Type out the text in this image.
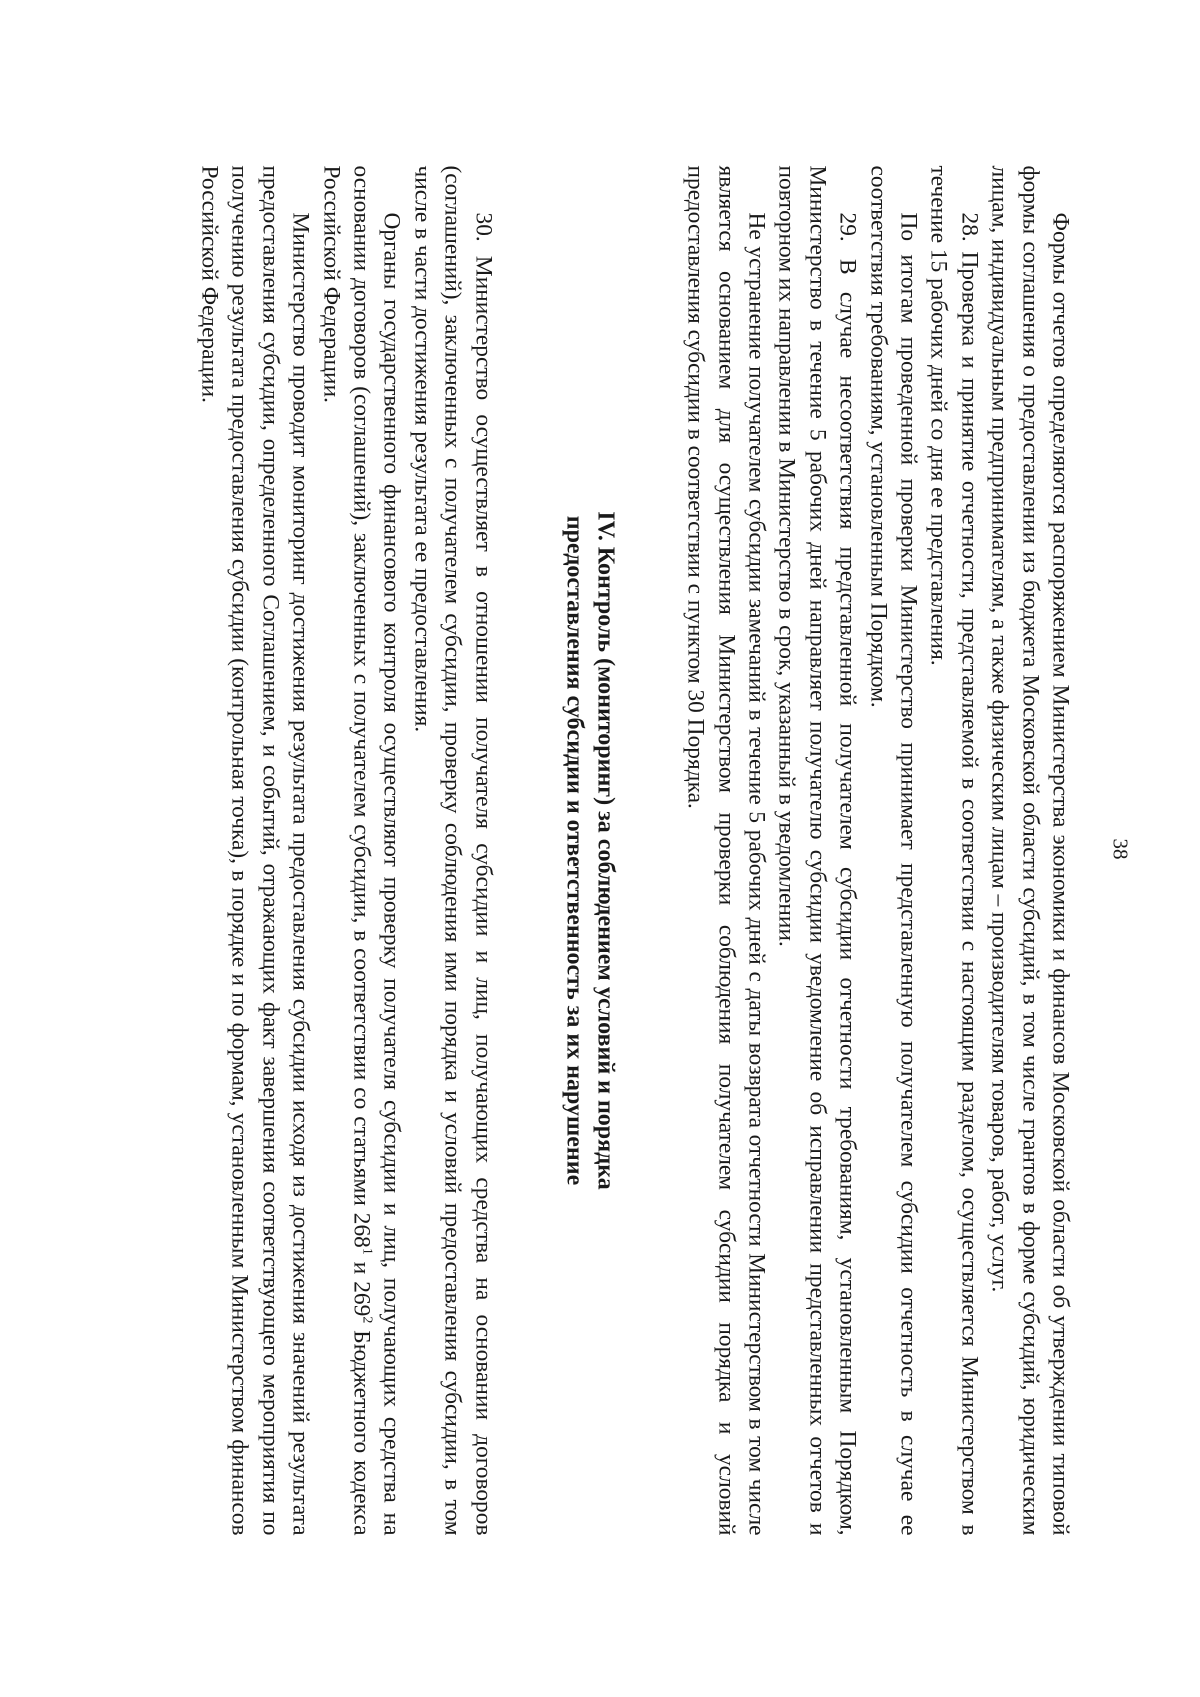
38

Формы отчетов определяются распоряжением Министерства экономики и финансов Московской области об утверждении типовой формы соглашения о предоставлении из бюджета Московской области субсидий, в том числе грантов в форме субсидий, юридическим лицам, индивидуальным предпринимателям, а также физическим лицам – производителям товаров, работ, услуг.

28. Проверка и принятие отчетности, представляемой в соответствии с настоящим разделом, осуществляется Министерством в течение 15 рабочих дней со дня ее представления.

По итогам проведенной проверки Министерство принимает представленную получателем субсидии отчетность в случае ее соответствия требованиям, установленным Порядком.

29. В случае несоответствия представленной получателем субсидии отчетности требованиям, установленным Порядком, Министерство в течение 5 рабочих дней направляет получателю субсидии уведомление об исправлении представленных отчетов и повторном их направлении в Министерство в срок, указанный в уведомлении.

Не устранение получателем субсидии замечаний в течение 5 рабочих дней с даты возврата отчетности Министерством в том числе является основанием для осуществления Министерством проверки соблюдения получателем субсидии порядка и условий предоставления субсидии в соответствии с пунктом 30 Порядка.

IV. Контроль (мониторинг) за соблюдением условий и порядка

предоставления субсидии и ответственность за их нарушение

30. Министерство осуществляет в отношении получателя субсидии и лиц, получающих средства на основании договоров (соглашений), заключенных с получателем субсидии, проверку соблюдения ими порядка и условий предоставления субсидии, в том числе в части достижения результата ее предоставления.

Органы государственного финансового контроля осуществляют проверку получателя субсидии и лиц, получающих средства на основании договоров (соглашений), заключенных с получателем субсидии, в соответствии со статьями $268^1$ и $269^2$ Бюджетного кодекса Российской Федерации.

Министерство проводит мониторинг достижения результата предоставления субсидии исходя из достижения значений результата предоставления субсидии, определенного Соглашением, и событий, отражающих факт завершения соответствующего мероприятия по получению результата предоставления субсидии (контрольная точка), в порядке и по формам, установленным Министерством финансов Российской Федерации.
